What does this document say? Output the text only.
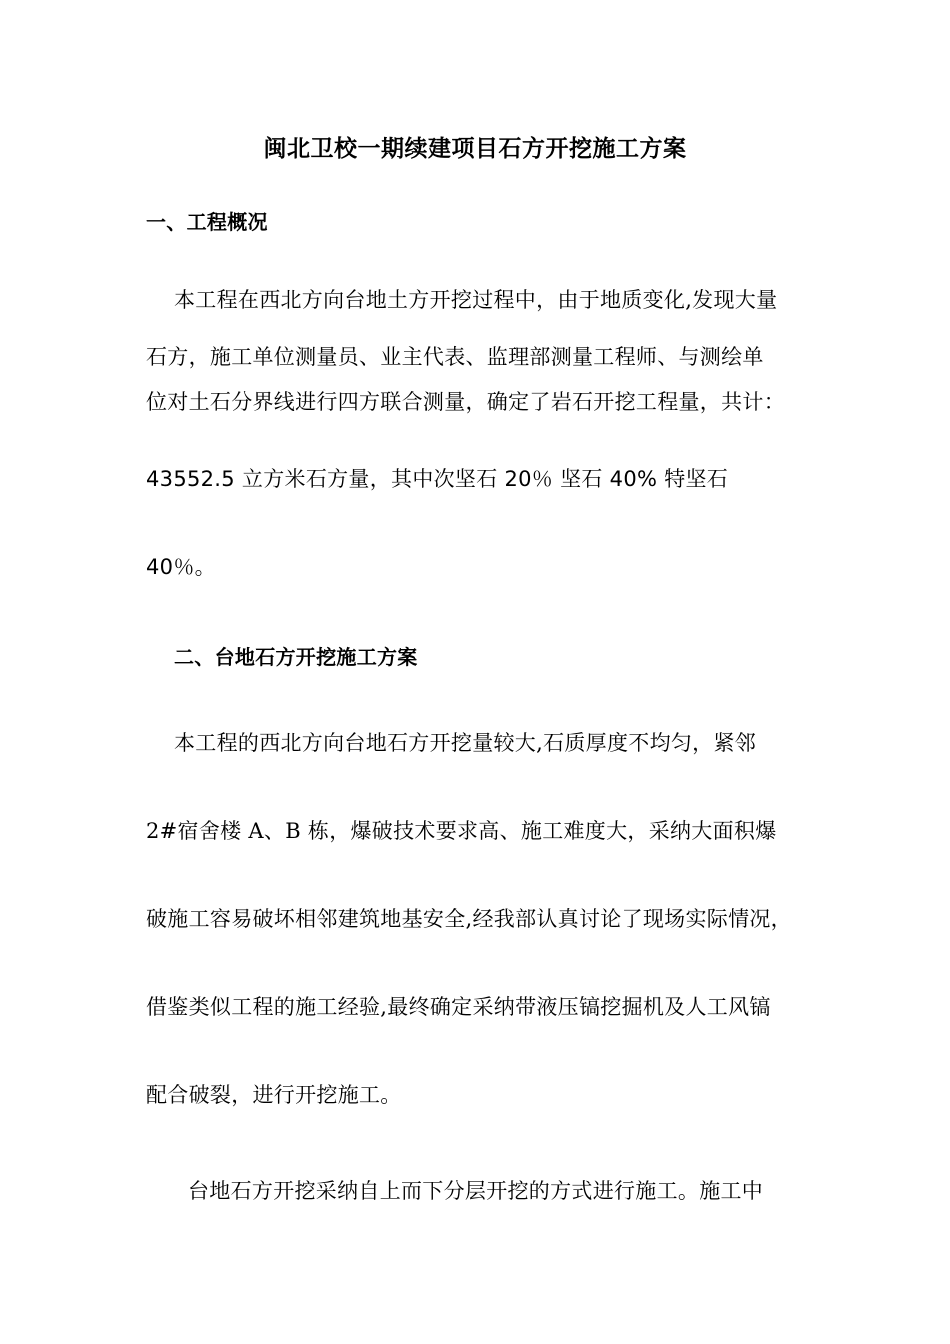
闽北卫校一期续建项目石方开挖施工方案
一、工程概况
本工程在西北方向台地土方开挖过程中，由于地质变化,发现大量
石方，施工单位测量员、业主代表、监理部测量工程师、与测绘单
位对土石分界线进行四方联合测量，确定了岩石开挖工程量，共计：
43552.5 立方米石方量，其中次坚石 20％ 坚石 40% 特坚石
40％。
二、台地石方开挖施工方案
本工程的西北方向台地石方开挖量较大,石质厚度不均匀，紧邻
2#宿舍楼 A、B 栋，爆破技术要求高、施工难度大，采纳大面积爆
破施工容易破坏相邻建筑地基安全,经我部认真讨论了现场实际情况，
借鉴类似工程的施工经验,最终确定采纳带液压镐挖掘机及人工风镐
配合破裂，进行开挖施工。
台地石方开挖采纳自上而下分层开挖的方式进行施工。施工中
